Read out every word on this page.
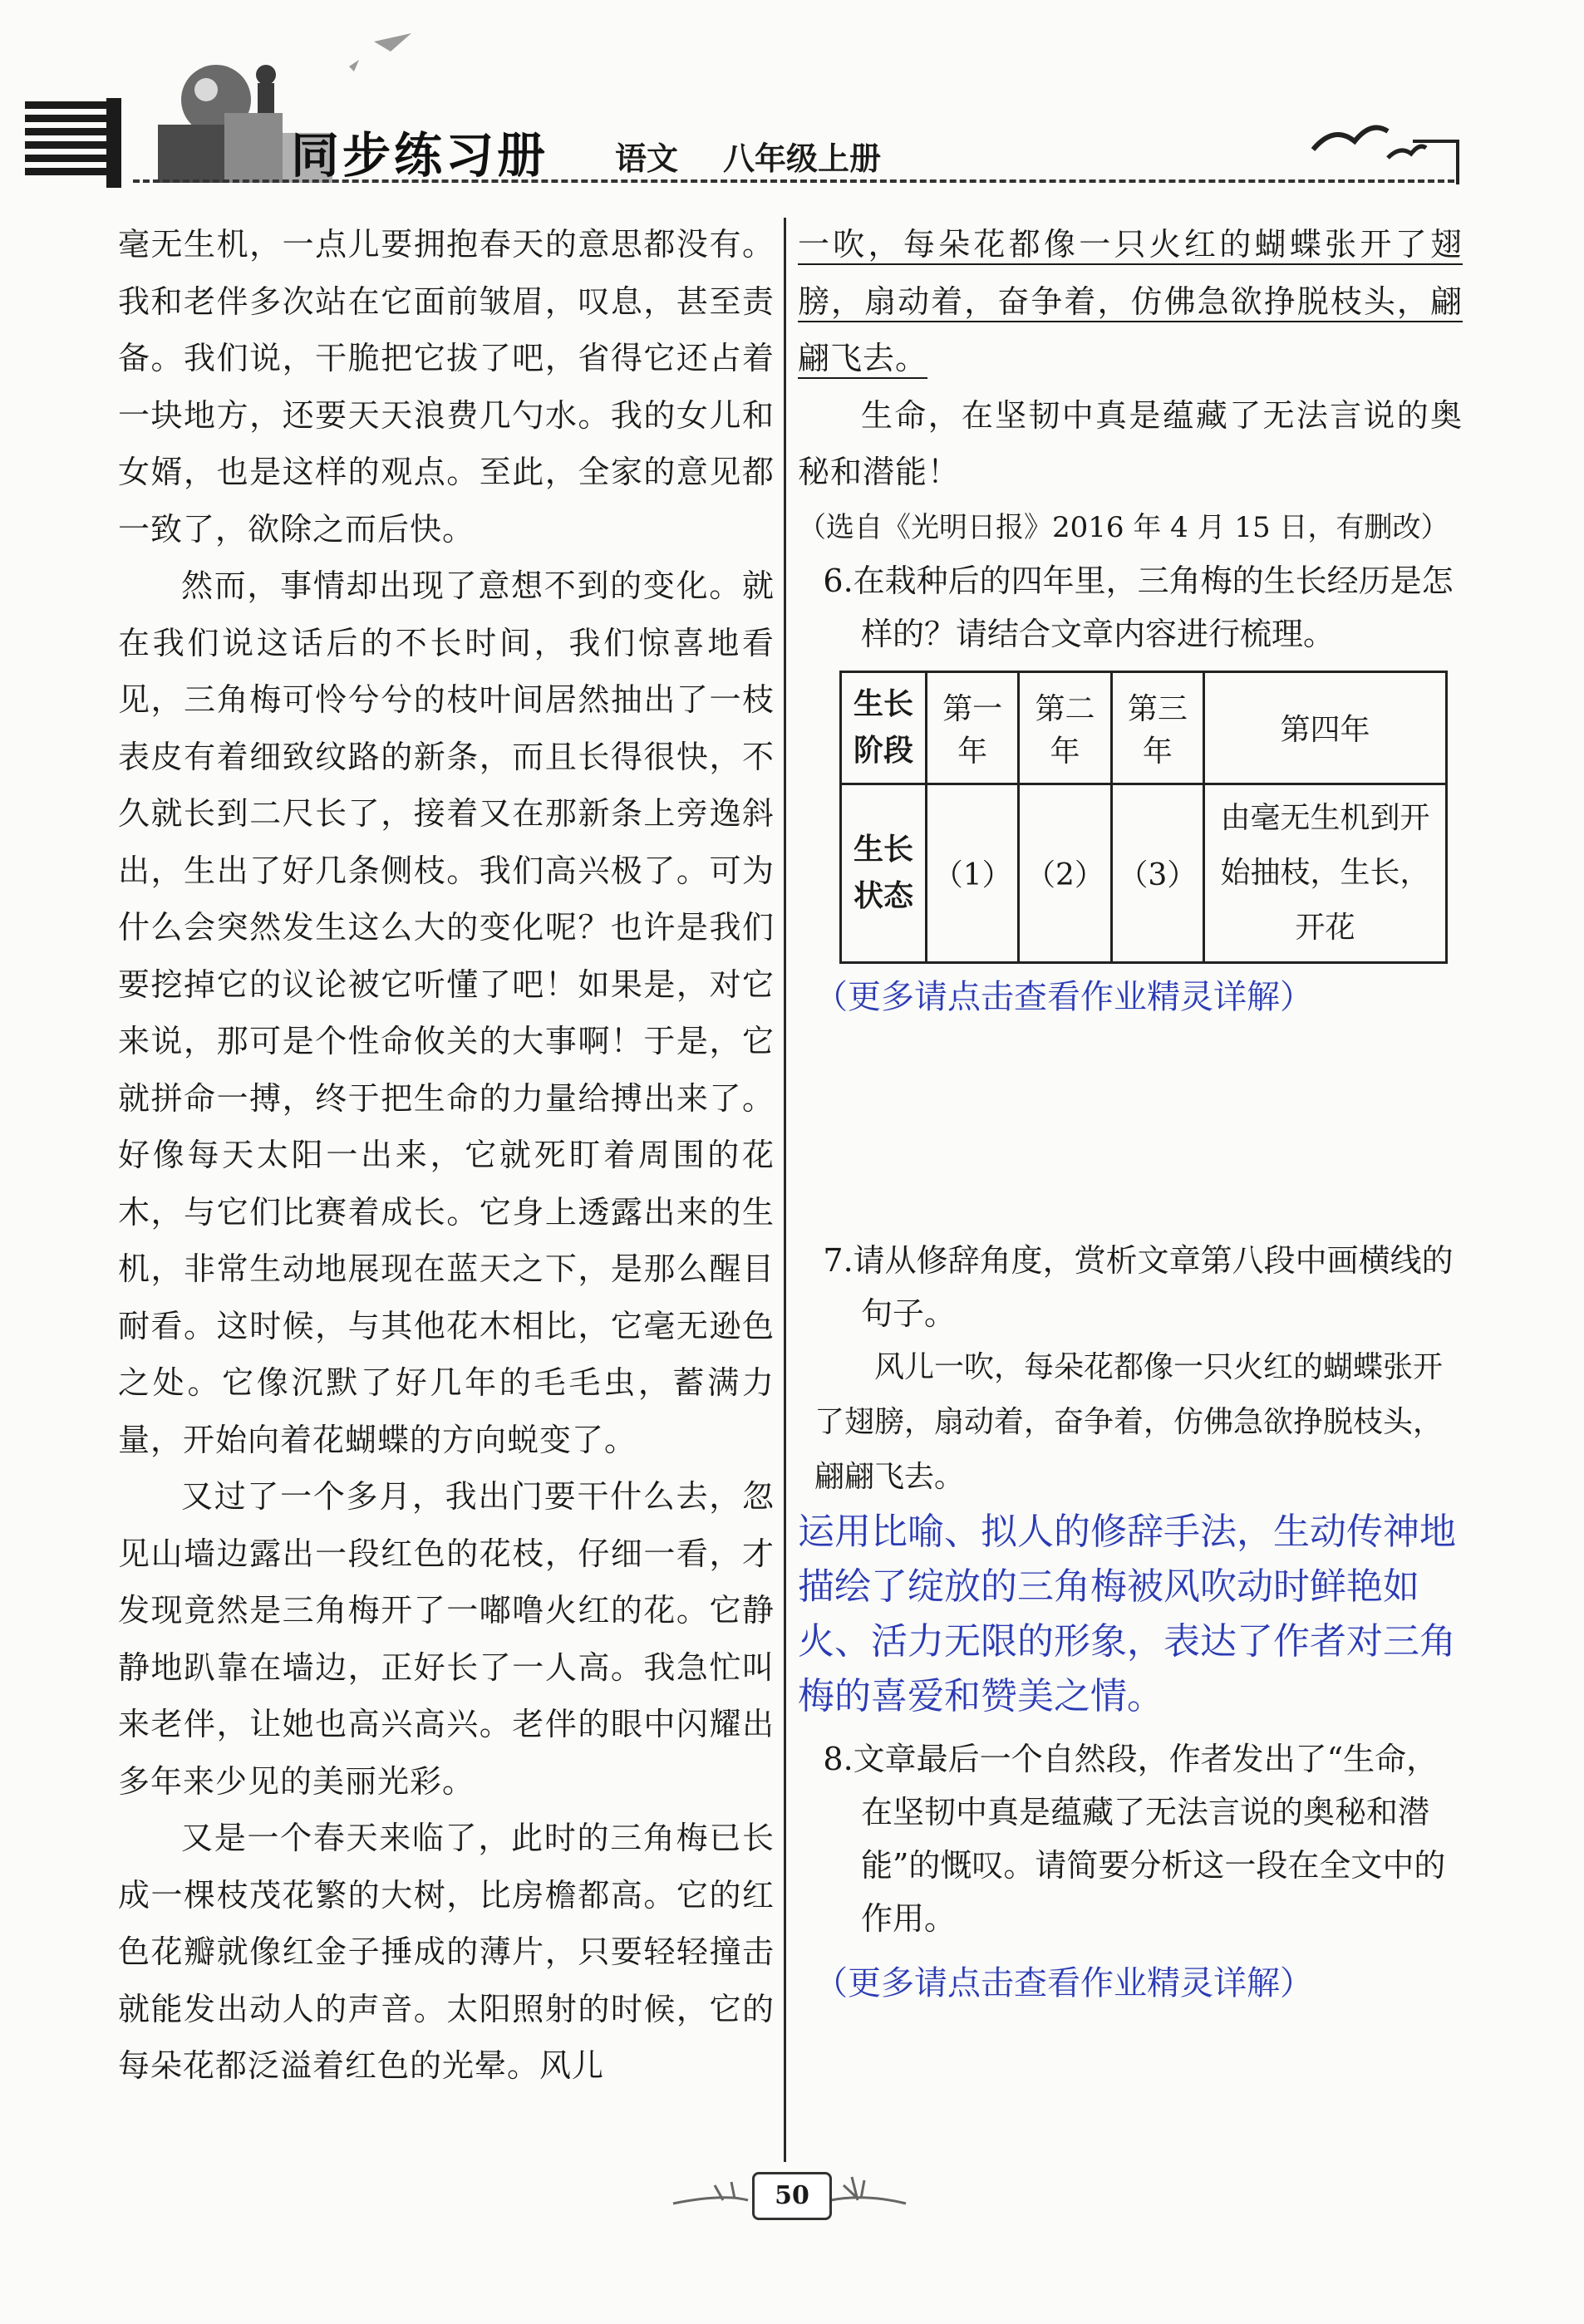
同步练习册 语文 八年级上册

毫无生机，一点儿要拥抱春天的意思都没有。我和老伴多次站在它面前皱眉，叹息，甚至责备。我们说，干脆把它拔了吧，省得它还占着一块地方，还要天天浪费几勺水。我的女儿和女婿，也是这样的观点。至此，全家的意见都一致了，欲除之而后快。

然而，事情却出现了意想不到的变化。就在我们说这话后的不长时间，我们惊喜地看见，三角梅可怜兮兮的枝叶间居然抽出了一枝表皮有着细致纹路的新条，而且长得很快，不久就长到二尺长了，接着又在那新条上旁逸斜出，生出了好几条侧枝。我们高兴极了。可为什么会突然发生这么大的变化呢？也许是我们要挖掉它的议论被它听懂了吧！如果是，对它来说，那可是个性命攸关的大事啊！于是，它就拼命一搏，终于把生命的力量给搏出来了。好像每天太阳一出来，它就死盯着周围的花木，与它们比赛着成长。它身上透露出来的生机，非常生动地展现在蓝天之下，是那么醒目耐看。这时候，与其他花木相比，它毫无逊色之处。它像沉默了好几年的毛毛虫，蓄满力量，开始向着花蝴蝶的方向蜕变了。

又过了一个多月，我出门要干什么去，忽见山墙边露出一段红色的花枝，仔细一看，才发现竟然是三角梅开了一嘟噜火红的花。它静静地趴靠在墙边，正好长了一人高。我急忙叫来老伴，让她也高兴高兴。老伴的眼中闪耀出多年来少见的美丽光彩。

又是一个春天来临了，此时的三角梅已长成一棵枝茂花繁的大树，比房檐都高。它的红色花瓣就像红金子捶成的薄片，只要轻轻撞击就能发出动人的声音。太阳照射的时候，它的每朵花都泛溢着红色的光晕。风儿

一吹，每朵花都像一只火红的蝴蝶张开了翅膀，扇动着，奋争着，仿佛急欲挣脱枝头，翩翩飞去。

生命，在坚韧中真是蕴藏了无法言说的奥秘和潜能！

（选自《光明日报》2016 年 4 月 15 日，有删改）

6.在栽种后的四年里，三角梅的生长经历是怎样的？请结合文章内容进行梳理。

生长阶段	第一年	第二年	第三年	第四年
生长状态	（1）	（2）	（3）	由毫无生机到开始抽枝，生长，开花
（更多请点击查看作业精灵详解）

7.请从修辞角度，赏析文章第八段中画横线的句子。

风儿一吹，每朵花都像一只火红的蝴蝶张开了翅膀，扇动着，奋争着，仿佛急欲挣脱枝头，翩翩飞去。

运用比喻、拟人的修辞手法，生动传神地描绘了绽放的三角梅被风吹动时鲜艳如火、活力无限的形象，表达了作者对三角梅的喜爱和赞美之情。

8.文章最后一个自然段，作者发出了“生命，在坚韧中真是蕴藏了无法言说的奥秘和潜能”的慨叹。请简要分析这一段在全文中的作用。

（更多请点击查看作业精灵详解）
50
